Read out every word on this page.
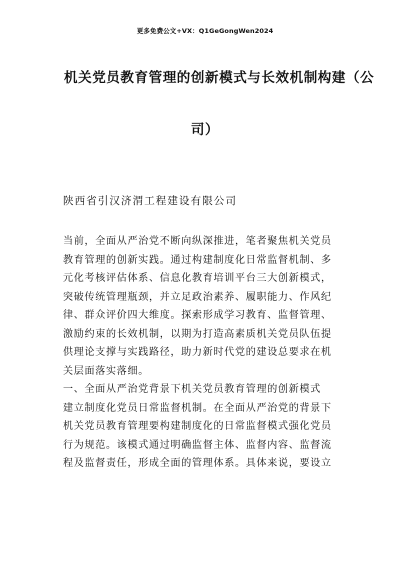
更多免费公文+VX：Q1GeGongWen2024
机关党员教育管理的创新模式与长效机制构建（公
司）
陕西省引汉济渭工程建设有限公司
当前，全面从严治党不断向纵深推进，笔者聚焦机关党员
教育管理的创新实践。通过构建制度化日常监督机制、多
元化考核评估体系、信息化教育培训平台三大创新模式，
突破传统管理瓶颈，并立足政治素养、履职能力、作风纪
律、群众评价四大维度。探索形成学习教育、监督管理、
激励约束的长效机制，以期为打造高素质机关党员队伍提
供理论支撑与实践路径，助力新时代党的建设总要求在机
关层面落实落细。
一、全面从严治党背景下机关党员教育管理的创新模式
建立制度化党员日常监督机制。在全面从严治党的背景下
机关党员教育管理要构建制度化的日常监督模式强化党员
行为规范。该模式通过明确监督主体、监督内容、监督流
程及监督责任，形成全面的管理体系。具体来说，要设立
